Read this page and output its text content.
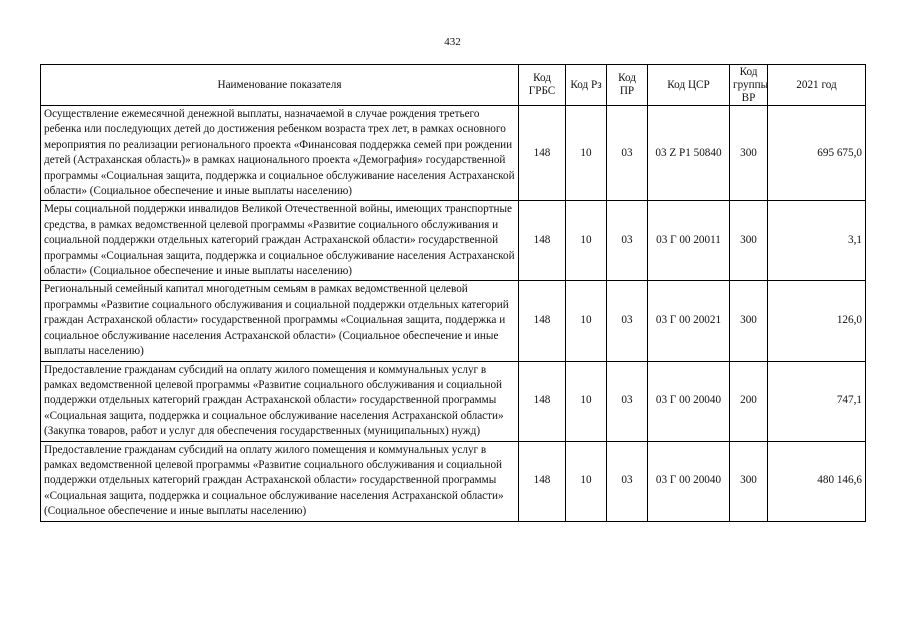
432
Наименование показателя	Код ГРБС	Код Рз	Код ПР	Код ЦСР	Код группы ВР	2021 год
Осуществление ежемесячной денежной выплаты, назначаемой в случае рождения третьего ребенка или последующих детей до достижения ребенком возраста трех лет, в рамках основного мероприятия по реализации регионального проекта «Финансовая поддержка семей при рождении детей (Астраханская область)» в рамках национального проекта «Демография» государственной программы «Социальная защита, поддержка и социальное обслуживание населения Астраханской области» (Социальное обеспечение и иные выплаты населению)	148	10	03	03 Z P1 50840	300	695 675,0
Меры социальной поддержки инвалидов Великой Отечественной войны, имеющих транспортные средства, в рамках ведомственной целевой программы «Развитие социального обслуживания и социальной поддержки отдельных категорий граждан Астраханской области» государственной программы «Социальная защита, поддержка и социальное обслуживание населения Астраханской области» (Социальное обеспечение и иные выплаты населению)	148	10	03	03 Г 00 20011	300	3,1
Региональный семейный капитал многодетным семьям в рамках ведомственной целевой программы «Развитие социального обслуживания и социальной поддержки отдельных категорий граждан Астраханской области» государственной программы «Социальная защита, поддержка и социальное обслуживание населения Астраханской области» (Социальное обеспечение и иные выплаты населению)	148	10	03	03 Г 00 20021	300	126,0
Предоставление гражданам субсидий на оплату жилого помещения и коммунальных услуг в рамках ведомственной целевой программы «Развитие социального обслуживания и социальной поддержки отдельных категорий граждан Астраханской области» государственной программы «Социальная защита, поддержка и социальное обслуживание населения Астраханской области» (Закупка товаров, работ и услуг для обеспечения государственных (муниципальных) нужд)	148	10	03	03 Г 00 20040	200	747,1
Предоставление гражданам субсидий на оплату жилого помещения и коммунальных услуг в рамках ведомственной целевой программы «Развитие социального обслуживания и социальной поддержки отдельных категорий граждан Астраханской области» государственной программы «Социальная защита, поддержка и социальное обслуживание населения Астраханской области» (Социальное обеспечение и иные выплаты населению)	148	10	03	03 Г 00 20040	300	480 146,6
